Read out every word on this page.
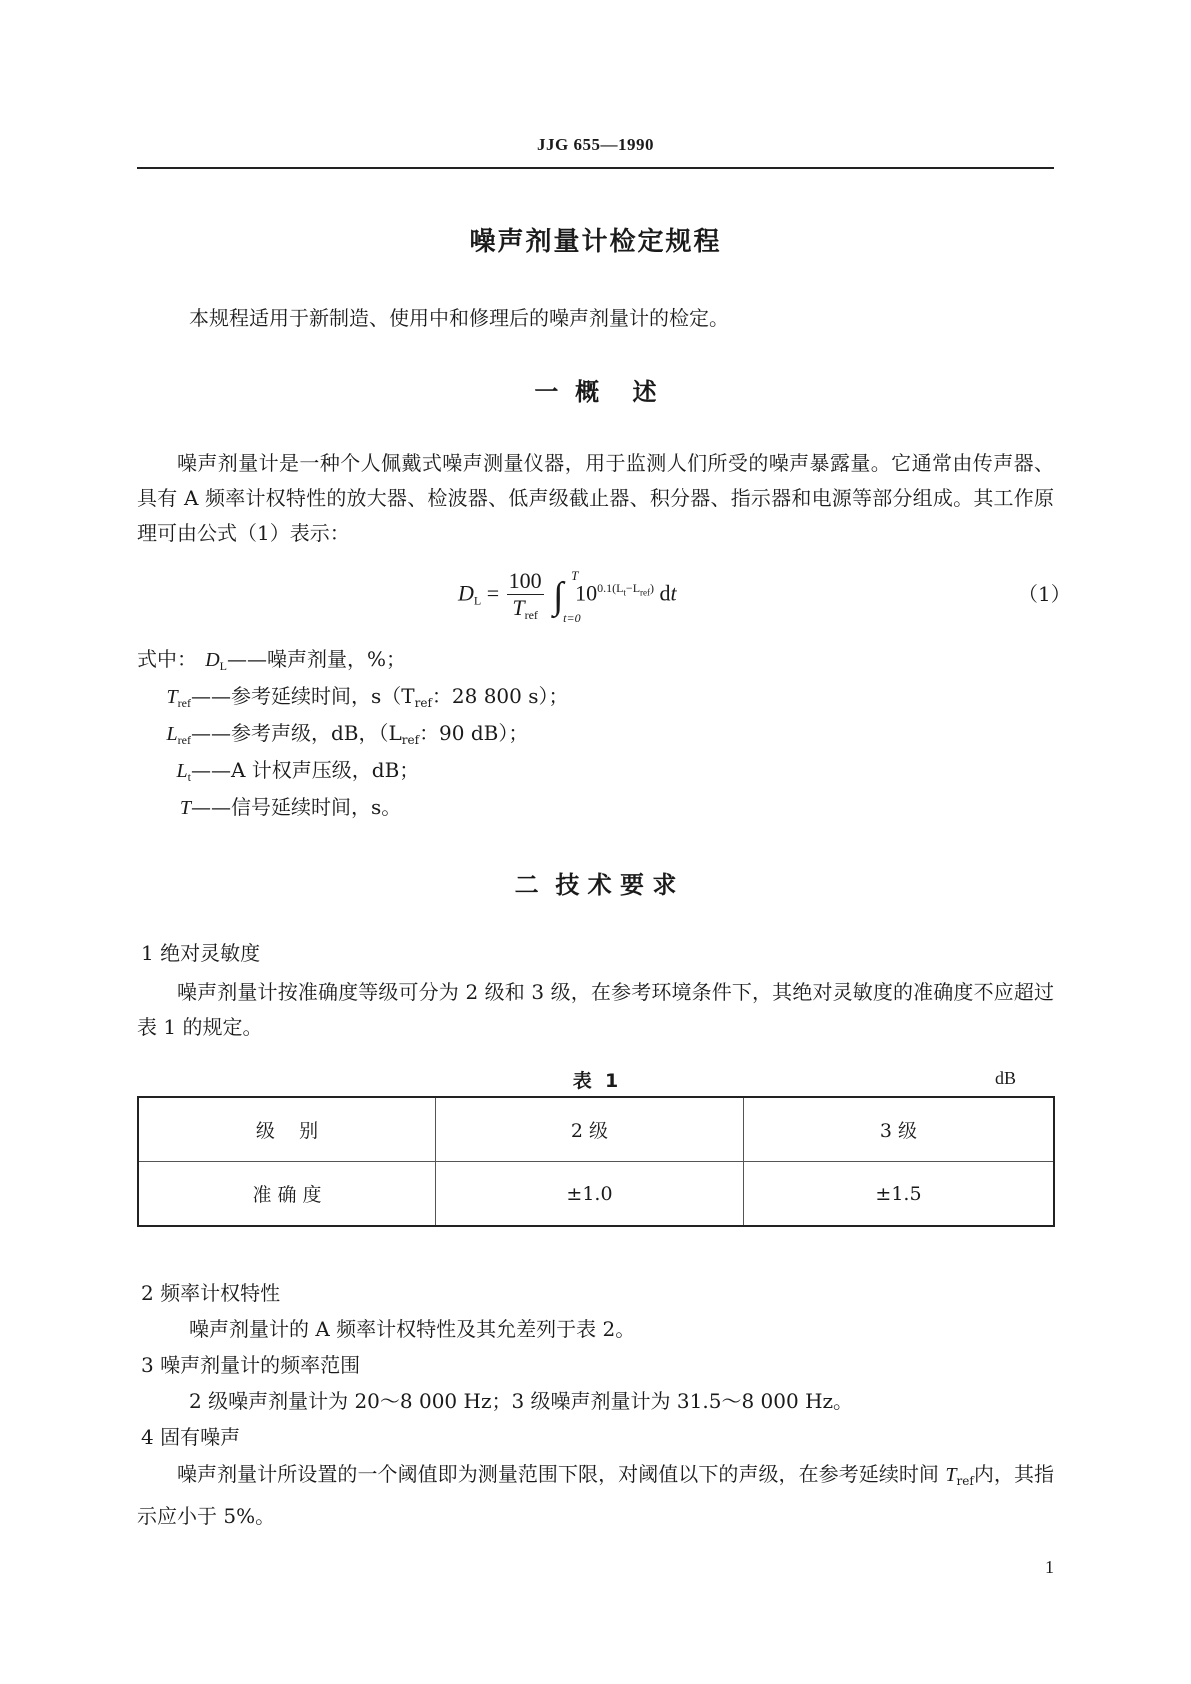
JJG 655—1990
噪声剂量计检定规程
本规程适用于新制造、使用中和修理后的噪声剂量计的检定。
一  概    述
噪声剂量计是一种个人佩戴式噪声测量仪器，用于监测人们所受的噪声暴露量。它通常由传声器、具有 A 频率计权特性的放大器、检波器、低声级截止器、积分器、指示器和电源等部分组成。其工作原理可由公式（1）表示：
$D_L = \frac{100}{T_{ref}}$ ∫ T
t=0
$10^{0.1(L_t-L_{ref})}$ dt	（1）
式中： $D_L——$噪声剂量，%；
$T_{ref}——$参考延续时间，$s(T_{ref}$：28 800 s）；
$L_{ref}——$参考声级，dB，（$L_{ref}$：90 dB）；
$L_t——A$ 计权声压级，dB；
T——信号延续时间，s。
二  技 术 要 求
1 绝对灵敏度
噪声剂量计按准确度等级可分为 2 级和 3 级，在参考环境条件下，其绝对灵敏度的准确度不应超过表 1 的规定。
表  1	dB
级    别	2 级	3 级
准 确 度	±1.0	±1.5
2 频率计权特性
噪声剂量计的 A 频率计权特性及其允差列于表 2。
3 噪声剂量计的频率范围
2 级噪声剂量计为 20～8 000 Hz；3 级噪声剂量计为 31.5～8 000 Hz。
4 固有噪声
噪声剂量计所设置的一个阈值即为测量范围下限，对阈值以下的声级，在参考延续时间 $T_{ref}$内，其指示应小于 5%。
1
